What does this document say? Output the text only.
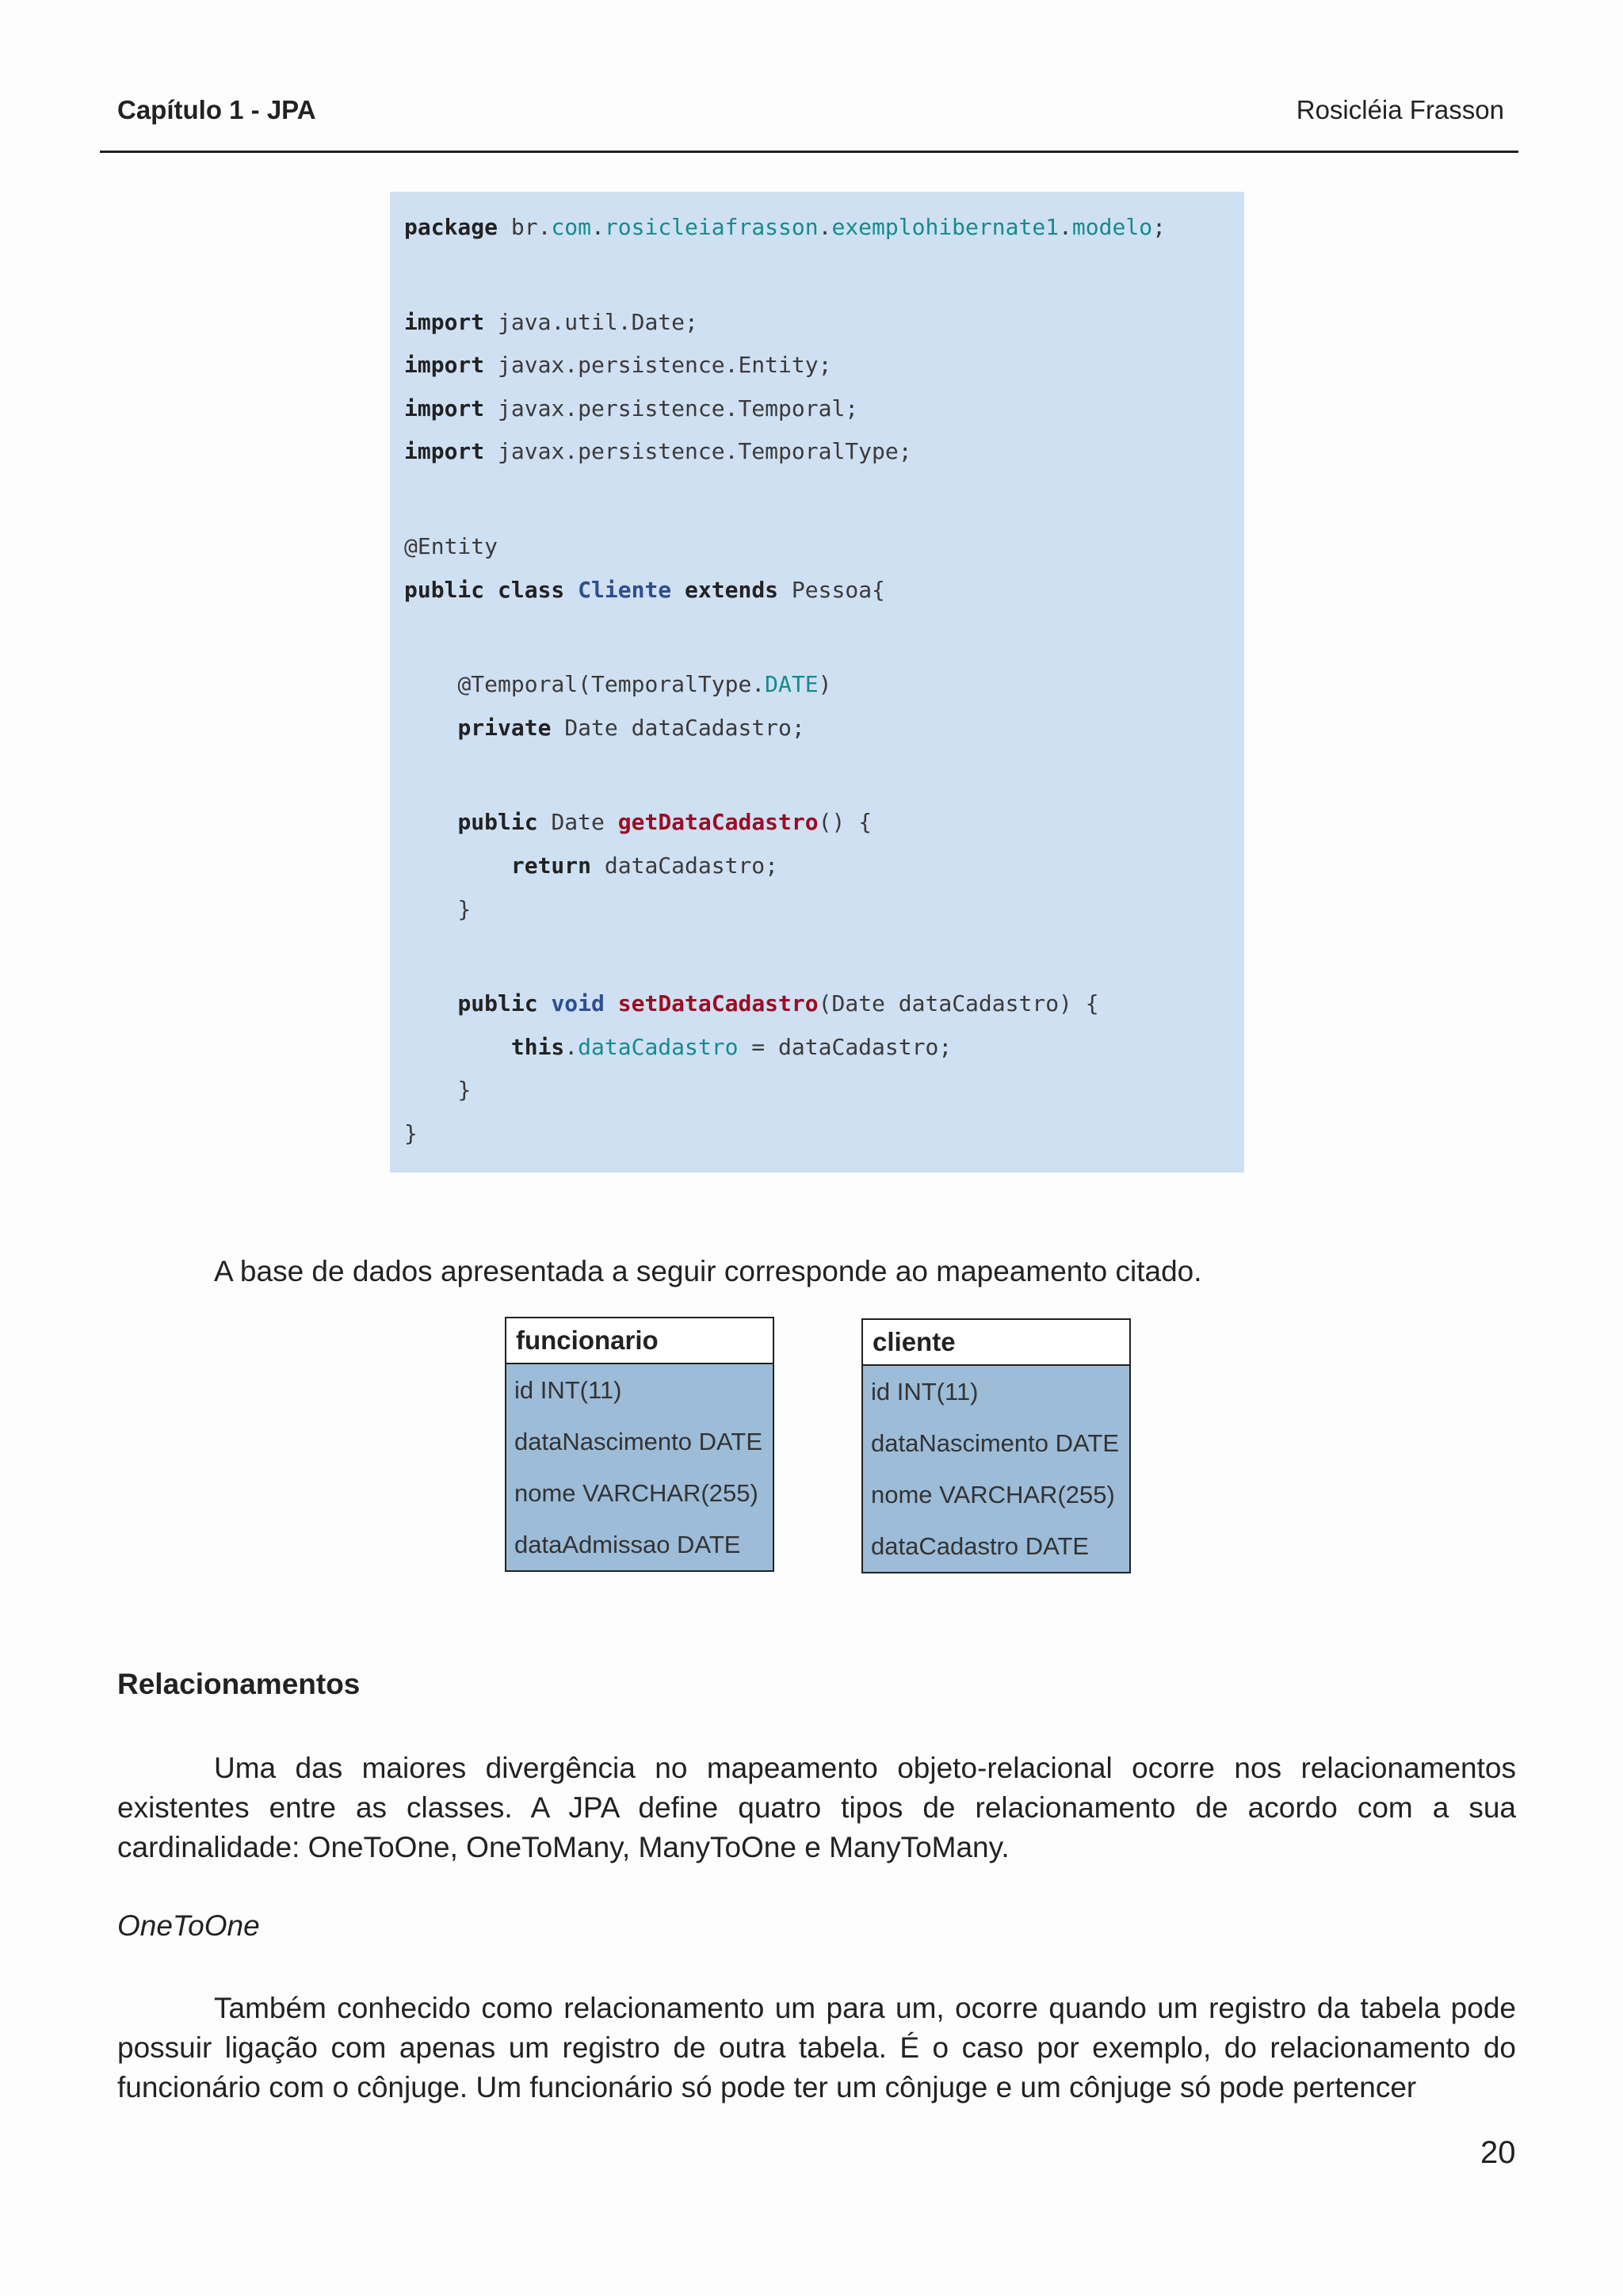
Capítulo 1 - JPA	Rosicléia Frasson
package br.com.rosicleiafrasson.exemplohibernate1.modelo;
import java.util.Date;
import javax.persistence.Entity;
import javax.persistence.Temporal;
import javax.persistence.TemporalType;
@Entity
public class Cliente extends Pessoa{
@Temporal(TemporalType.DATE)
private Date dataCadastro;
public Date getDataCadastro() {
return dataCadastro;
}
public void setDataCadastro(Date dataCadastro) {
this.dataCadastro = dataCadastro;
}
}
A base de dados apresentada a seguir corresponde ao mapeamento citado.
funcionario
id INT(11)
dataNascimento DATE
nome VARCHAR(255)
dataAdmissao DATE
cliente
id INT(11)
dataNascimento DATE
nome VARCHAR(255)
dataCadastro DATE
Relacionamentos
Uma das maiores divergência no mapeamento objeto-relacional ocorre nos relacionamentos existentes entre as classes. A JPA define quatro tipos de relacionamento de acordo com a sua cardinalidade: OneToOne, OneToMany, ManyToOne e ManyToMany.
OneToOne
Também conhecido como relacionamento um para um, ocorre quando um registro da tabela pode possuir ligação com apenas um registro de outra tabela. É o caso por exemplo, do relacionamento do funcionário com o cônjuge. Um funcionário só pode ter um cônjuge e um cônjuge só pode pertencer
20
